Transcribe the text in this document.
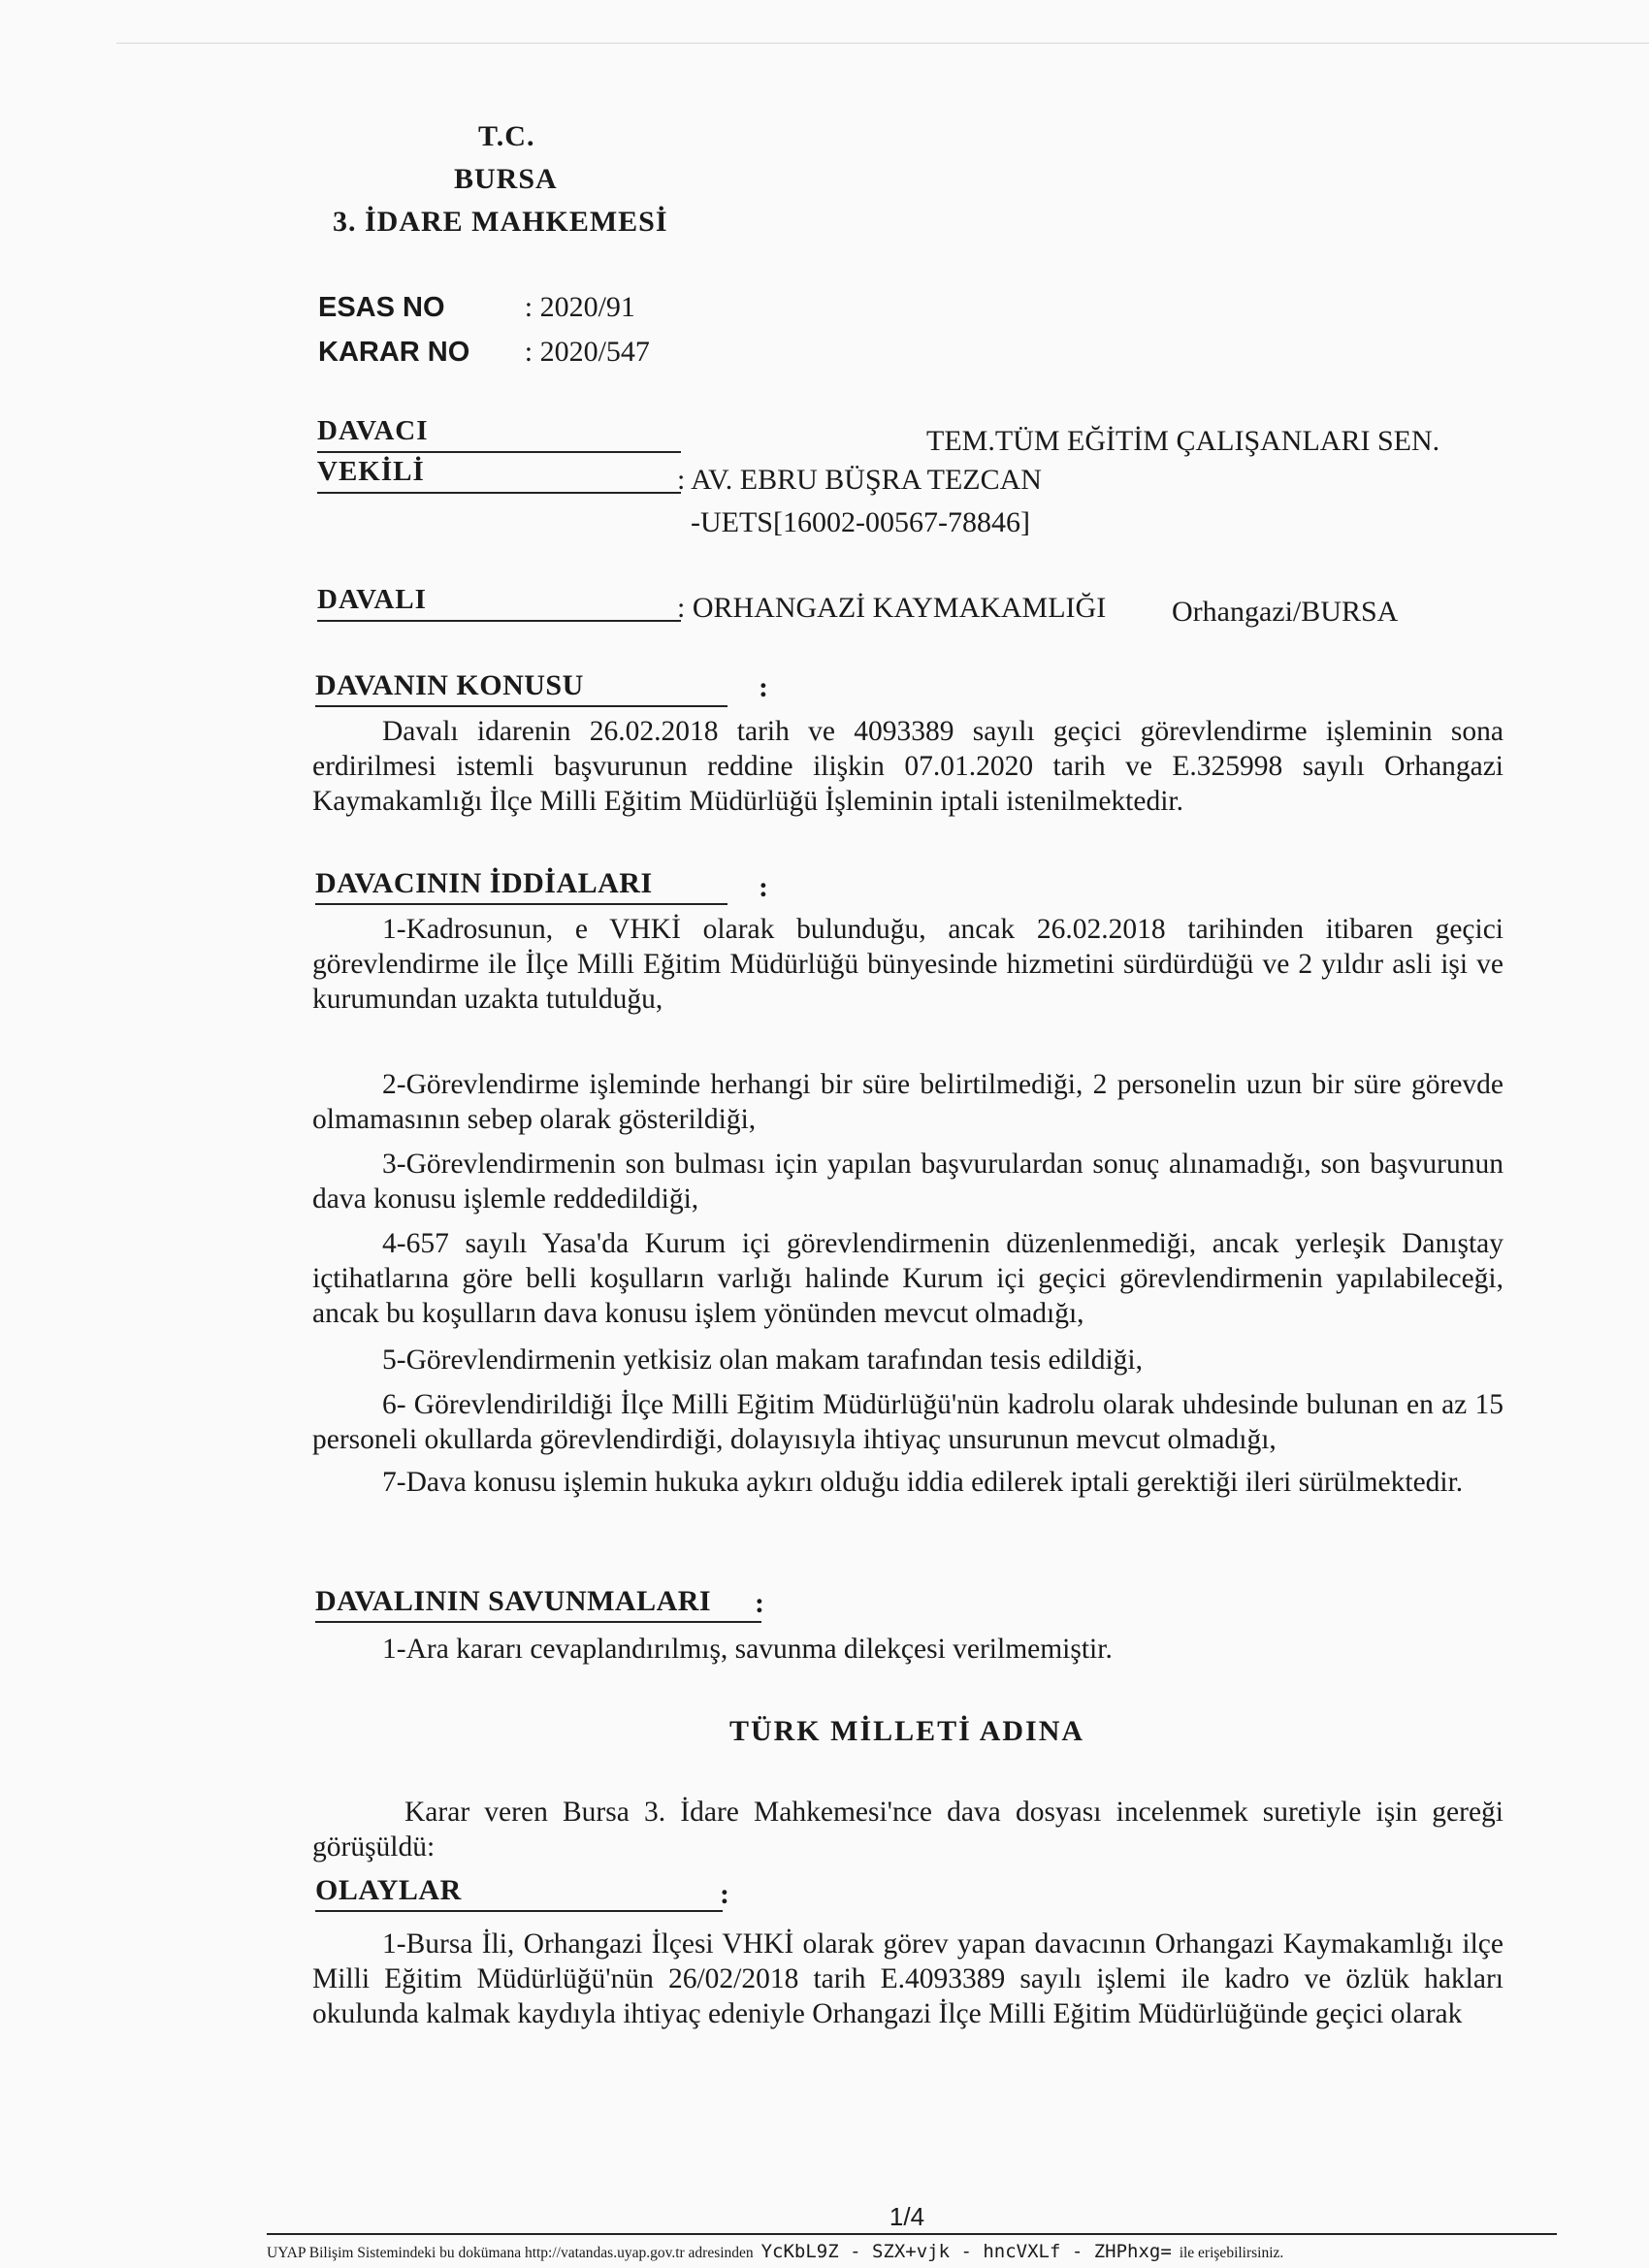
T.C.
BURSA
3. İDARE MAHKEMESİ
ESAS NO	: 2020/91
KARAR NO : 2020/547
DAVACI	TEM.TÜM EĞİTİM ÇALIŞANLARI SEN.
VEKİLİ	: AV. EBRU BÜŞRA TEZCAN
-UETS[16002-00567-78846]
DAVALI	: ORHANGAZİ KAYMAKAMLIĞI Orhangazi/BURSA
DAVANIN KONUSU	:
Davalı idarenin 26.02.2018 tarih ve 4093389 sayılı geçici görevlendirme işleminin sona erdirilmesi istemli başvurunun reddine ilişkin 07.01.2020 tarih ve E.325998 sayılı Orhangazi Kaymakamlığı İlçe Milli Eğitim Müdürlüğü İşleminin iptali istenilmektedir.
DAVACININ İDDİALARI	:
1-Kadrosunun, e VHKİ olarak bulunduğu, ancak 26.02.2018 tarihinden itibaren geçici görevlendirme ile İlçe Milli Eğitim Müdürlüğü bünyesinde hizmetini sürdürdüğü ve 2 yıldır asli işi ve kurumundan uzakta tutulduğu,
2-Görevlendirme işleminde herhangi bir süre belirtilmediği, 2 personelin uzun bir süre görevde olmamasının sebep olarak gösterildiği,
3-Görevlendirmenin son bulması için yapılan başvurulardan sonuç alınamadığı, son başvurunun dava konusu işlemle reddedildiği,
4-657 sayılı Yasa'da Kurum içi görevlendirmenin düzenlenmediği, ancak yerleşik Danıştay içtihatlarına göre belli koşulların varlığı halinde Kurum içi geçici görevlendirmenin yapılabileceği, ancak bu koşulların dava konusu işlem yönünden mevcut olmadığı,
5-Görevlendirmenin yetkisiz olan makam tarafından tesis edildiği,
6- Görevlendirildiği İlçe Milli Eğitim Müdürlüğü'nün kadrolu olarak uhdesinde bulunan en az 15 personeli okullarda görevlendirdiği, dolayısıyla ihtiyaç unsurunun mevcut olmadığı,
7-Dava konusu işlemin hukuka aykırı olduğu iddia edilerek iptali gerektiği ileri sürülmektedir.
DAVALININ SAVUNMALARI	:
1-Ara kararı cevaplandırılmış, savunma dilekçesi verilmemiştir.
TÜRK MİLLETİ ADINA
Karar veren Bursa 3. İdare Mahkemesi'nce dava dosyası incelenmek suretiyle işin gereği görüşüldü:
OLAYLAR	:
1-Bursa İli, Orhangazi İlçesi VHKİ olarak görev yapan davacının Orhangazi Kaymakamlığı ilçe Milli Eğitim Müdürlüğü'nün 26/02/2018 tarih E.4093389 sayılı işlemi ile kadro ve özlük hakları okulunda kalmak kaydıyla ihtiyaç edeniyle Orhangazi İlçe Milli Eğitim Müdürlüğünde geçici olarak
1/4
UYAP Bilişim Sistemindeki bu dokümana http://vatandas.uyap.gov.tr adresinden YcKbL9Z - SZX+vjk - hncVXLf - ZHPhxg= ile erişebilirsiniz.
